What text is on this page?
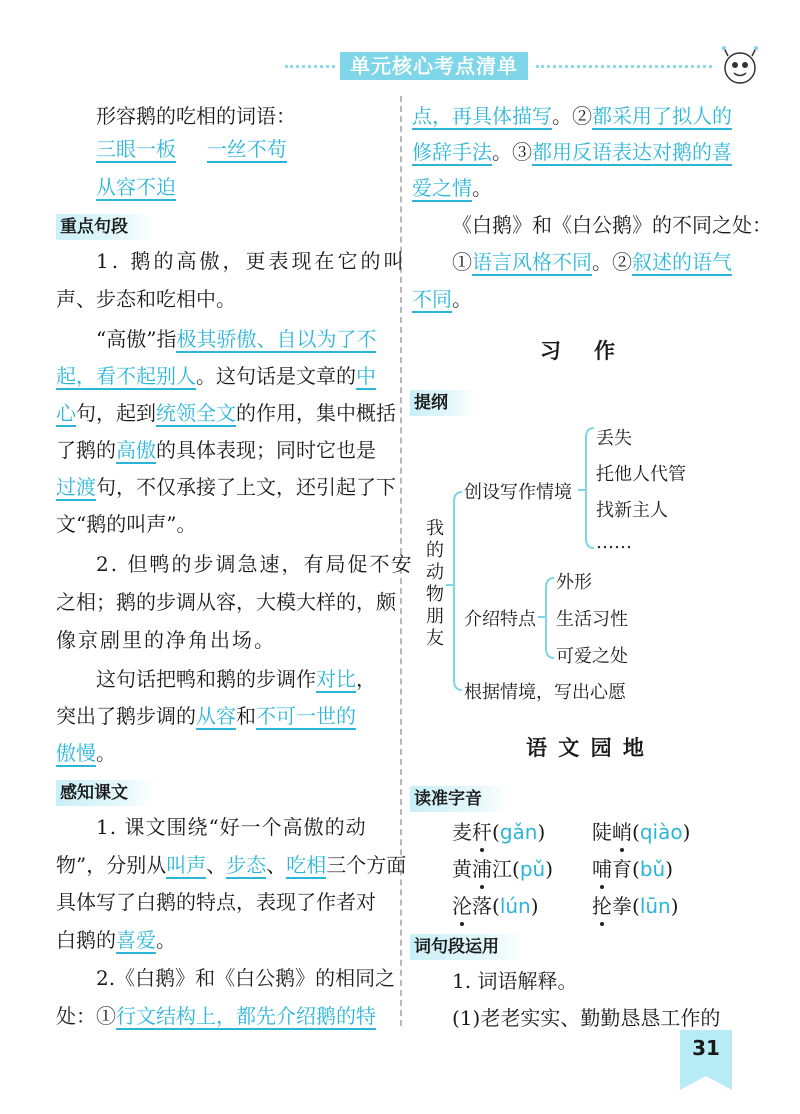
单元核心考点清单
形容鹅的吃相的词语：
三眼一板 一丝不苟
从容不迫
重点句段
1. 鹅的高傲，更表现在它的叫
声、步态和吃相中。
“高傲”指极其骄傲、自以为了不
起，看不起别人。这句话是文章的中
心句，起到统领全文的作用，集中概括
了鹅的高傲的具体表现；同时它也是
过渡句，不仅承接了上文，还引起了下
文“鹅的叫声”。
2. 但鸭的步调急速，有局促不安
之相；鹅的步调从容，大模大样的，颇
像京剧里的净角出场。
这句话把鸭和鹅的步调作对比，
突出了鹅步调的从容和不可一世的
傲慢。
感知课文
1. 课文围绕“好一个高傲的动
物”，分别从叫声、步态、吃相三个方面
具体写了白鹅的特点，表现了作者对
白鹅的喜爱。
2.《白鹅》和《白公鹅》的相同之
处：①行文结构上，都先介绍鹅的特
点，再具体描写。②都采用了拟人的
修辞手法。③都用反语表达对鹅的喜
爱之情。
《白鹅》和《白公鹅》的不同之处：
①语言风格不同。②叙述的语气
不同。
习　作
提纲
我的动物朋友
创设写作情境
丢失
托他人代管
找新主人
……
介绍特点
外形
生活习性
可爱之处
根据情境，写出心愿
语 文 园 地
读准字音
麦秆(gǎn) 陡峭(qiào)
黄浦江(pǔ) 哺育(bǔ)
沦落(lún)	抡拳(lūn)
词句段运用
1. 词语解释。
(1)老老实实、勤勤恳恳工作的
31
